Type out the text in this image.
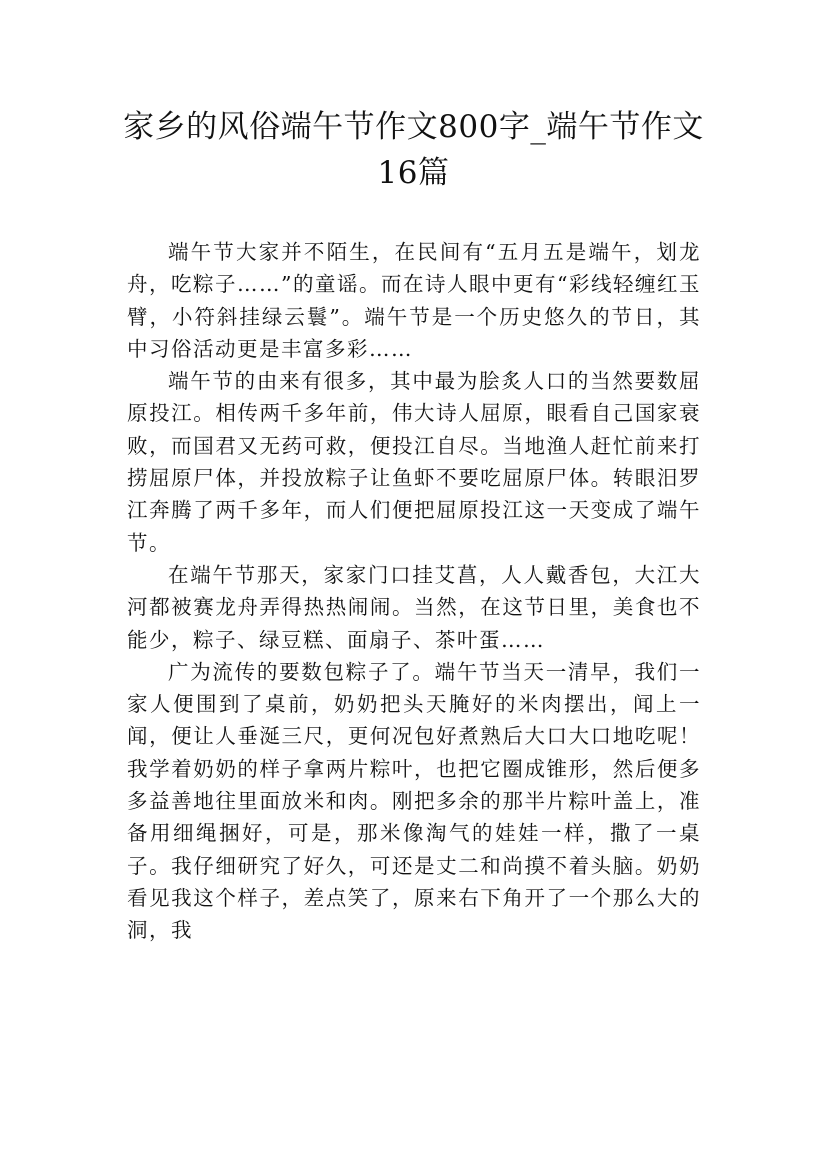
家乡的风俗端午节作文800字_端午节作文16篇

端午节大家并不陌生，在民间有“五月五是端午，划龙舟，吃粽子……”的童谣。而在诗人眼中更有“彩线轻缠红玉臂，小符斜挂绿云鬟”。端午节是一个历史悠久的节日，其中习俗活动更是丰富多彩……

端午节的由来有很多，其中最为脍炙人口的当然要数屈原投江。相传两千多年前，伟大诗人屈原，眼看自己国家衰败，而国君又无药可救，便投江自尽。当地渔人赶忙前来打捞屈原尸体，并投放粽子让鱼虾不要吃屈原尸体。转眼汨罗江奔腾了两千多年，而人们便把屈原投江这一天变成了端午节。

在端午节那天，家家门口挂艾菖，人人戴香包，大江大河都被赛龙舟弄得热热闹闹。当然，在这节日里，美食也不能少，粽子、绿豆糕、面扇子、茶叶蛋……

广为流传的要数包粽子了。端午节当天一清早，我们一家人便围到了桌前，奶奶把头天腌好的米肉摆出，闻上一闻，便让人垂涎三尺，更何况包好煮熟后大口大口地吃呢！我学着奶奶的样子拿两片粽叶，也把它圈成锥形，然后便多多益善地往里面放米和肉。刚把多余的那半片粽叶盖上，准备用细绳捆好，可是，那米像淘气的娃娃一样，撒了一桌子。我仔细研究了好久，可还是丈二和尚摸不着头脑。奶奶看见我这个样子，差点笑了，原来右下角开了一个那么大的洞，我
